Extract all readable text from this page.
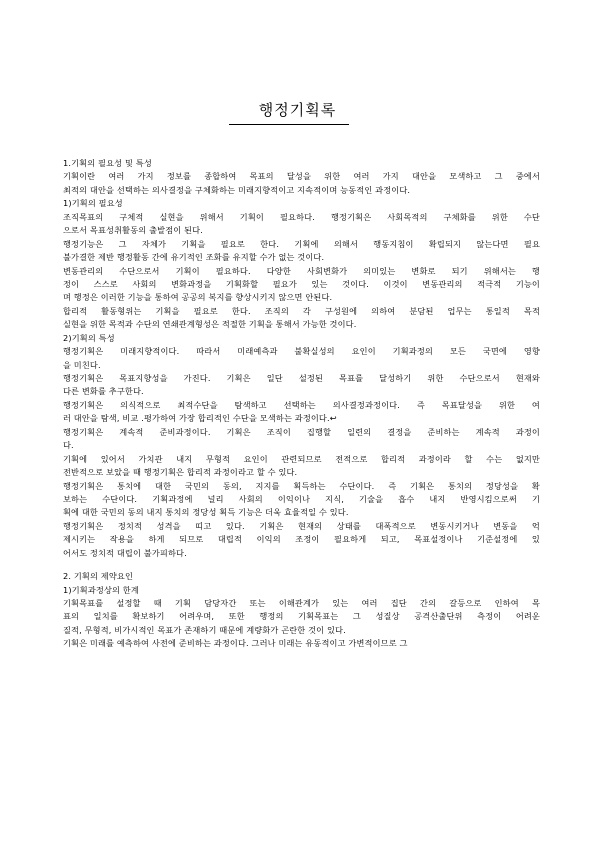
행정기획록
1.기획의 필요성 및 특성
기획이란 여러 가지 정보를 종합하여 목표의 달성을 위한 여러 가지 대안을 모색하고 그 중에서
최적의 대안을 선택하는 의사결정을 구체화하는 미래지향적이고 지속적이며 능동적인 과정이다.
1)기획의 필요성
조직목표의 구체적 실현을 위해서 기획이 필요하다. 행정기획은 사회목적의 구체화를 위한 수단
으로서 목표성취활동의 출발점이 된다.
행정기능은 그 자체가 기획을 필요로 한다. 기획에 의해서 행동지침이 확립되지 않는다면 필요
불가결한 제반 행정활동 간에 유기적인 조화를 유지할 수가 없는 것이다.
변동관리의 수단으로서 기획이 필요하다. 다양한 사회변화가 의미있는 변화로 되기 위해서는 행
정이 스스로 사회의 변화과정을 기획화할 필요가 있는 것이다. 이것이 변동관리의 적극적 기능이
며 행정은 이러한 기능을 통하여 공공의 복지를 향상시키지 않으면 안된다.
합리적 활동형위는 기획을 필요로 한다. 조직의 각 구성원에 의하여 분담된 업무는 통일적 목적
실현을 위한 목적과 수단의 연쇄관계형성은 적절한 기획을 통해서 가능한 것이다.
2)기획의 특성
행정기획은 미래지향적이다. 따라서 미래예측과 불확실성의 요인이 기획과정의 모든 국면에 영향
을 미친다.
행정기획은 목표지향성을 가진다. 기획은 일단 설정된 목표를 달성하기 위한 수단으로서 현재와
다른 변화를 추구한다.
행정기획은 의식적으로 최적수단을 탐색하고 선택하는 의사결정과정이다. 즉 목표달성을 위한 여
러 대안을 탐색, 비교 .평가하여 가장 합리적인 수단을 모색하는 과정이다.↩
행정기획은 계속적 준비과정이다. 기획은 조직이 집행할 일련의 결정을 준비하는 계속적 과정이
다.
기획에 있어서 가치관 내지 무형적 요인이 관련되므로 전적으로 합리적 과정이라 할 수는 없지만
전반적으로 보았을 때 행정기획은 합리적 과정이라고 할 수 있다.
행정기획은 통치에 대한 국민의 동의, 지지를 획득하는 수단이다. 즉 기획은 통치의 정당성을 확
보하는 수단이다. 기획과정에 널리 사회의 이익이나 지식, 기술을 흡수 내지 반영시킴으로써 기
획에 대한 국민의 동의 내지 통치의 정당성 획득 기능은 더욱 효율적일 수 있다.
행정기획은 정치적 성격을 띠고 있다. 기획은 현재의 상태를 대폭적으로 변동시키거나 변동을 억
제시키는 작용을 하게 되므로 대립적 이익의 조정이 필요하게 되고, 목표설정이나 기준설정에 있
어서도 정치적 대립이 불가피하다.
2. 기획의 제약요인
1)기획과정상의 한계
기획목표를 설정할 때 기획 담당자간 또는 이해관계가 있는 여러 집단 간의 갈등으로 인하여 목
표의 일치를 확보하기 어려우며, 또한 행정의 기획목표는 그 성질상 공격산출단위 측정이 어려운
질적, 무형적, 비가시적인 목표가 존재하기 때문에 계량화가 곤란한 것이 있다.
기획은 미래를 예측하여 사전에 준비하는 과정이다. 그러나 미래는 유동적이고 가변적이므로 그
